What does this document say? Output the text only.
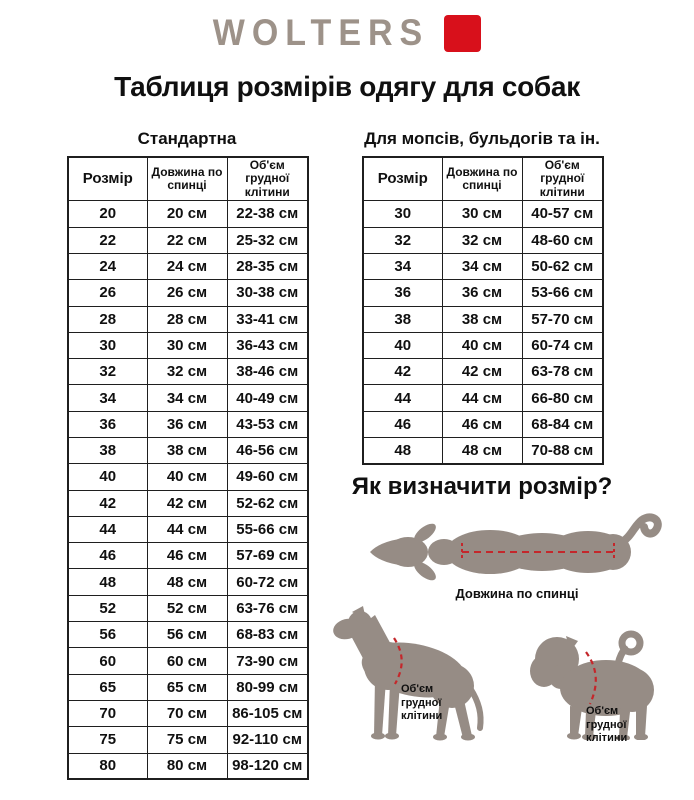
WOLTERS
Таблиця розмірів одягу для собак
Стандартна
Розмір	Довжина по спинці	Об'єм грудної клітини
20	20 см	22-38 см
22	22 см	25-32 см
24	24 см	28-35 см
26	26 см	30-38 см
28	28 см	33-41 см
30	30 см	36-43 см
32	32 см	38-46 см
34	34 см	40-49 см
36	36 см	43-53 см
38	38 см	46-56 см
40	40 см	49-60 см
42	42 см	52-62 см
44	44 см	55-66 см
46	46 см	57-69 см
48	48 см	60-72 см
52	52 см	63-76 см
56	56 см	68-83 см
60	60 см	73-90 см
65	65 см	80-99 см
70	70 см	86-105 см
75	75 см	92-110 см
80	80 см	98-120 см
Для мопсів, бульдогів та ін.
Розмір	Довжина по спинці	Об'єм грудної клітини
30	30 см	40-57 см
32	32 см	48-60 см
34	34 см	50-62 см
36	36 см	53-66 см
38	38 см	57-70 см
40	40 см	60-74 см
42	42 см	63-78 см
44	44 см	66-80 см
46	46 см	68-84 см
48	48 см	70-88 см
Як визначити розмір?
Довжина по спинці
Об'єм
грудної
клітини	Об'єм
грудної
клітини
